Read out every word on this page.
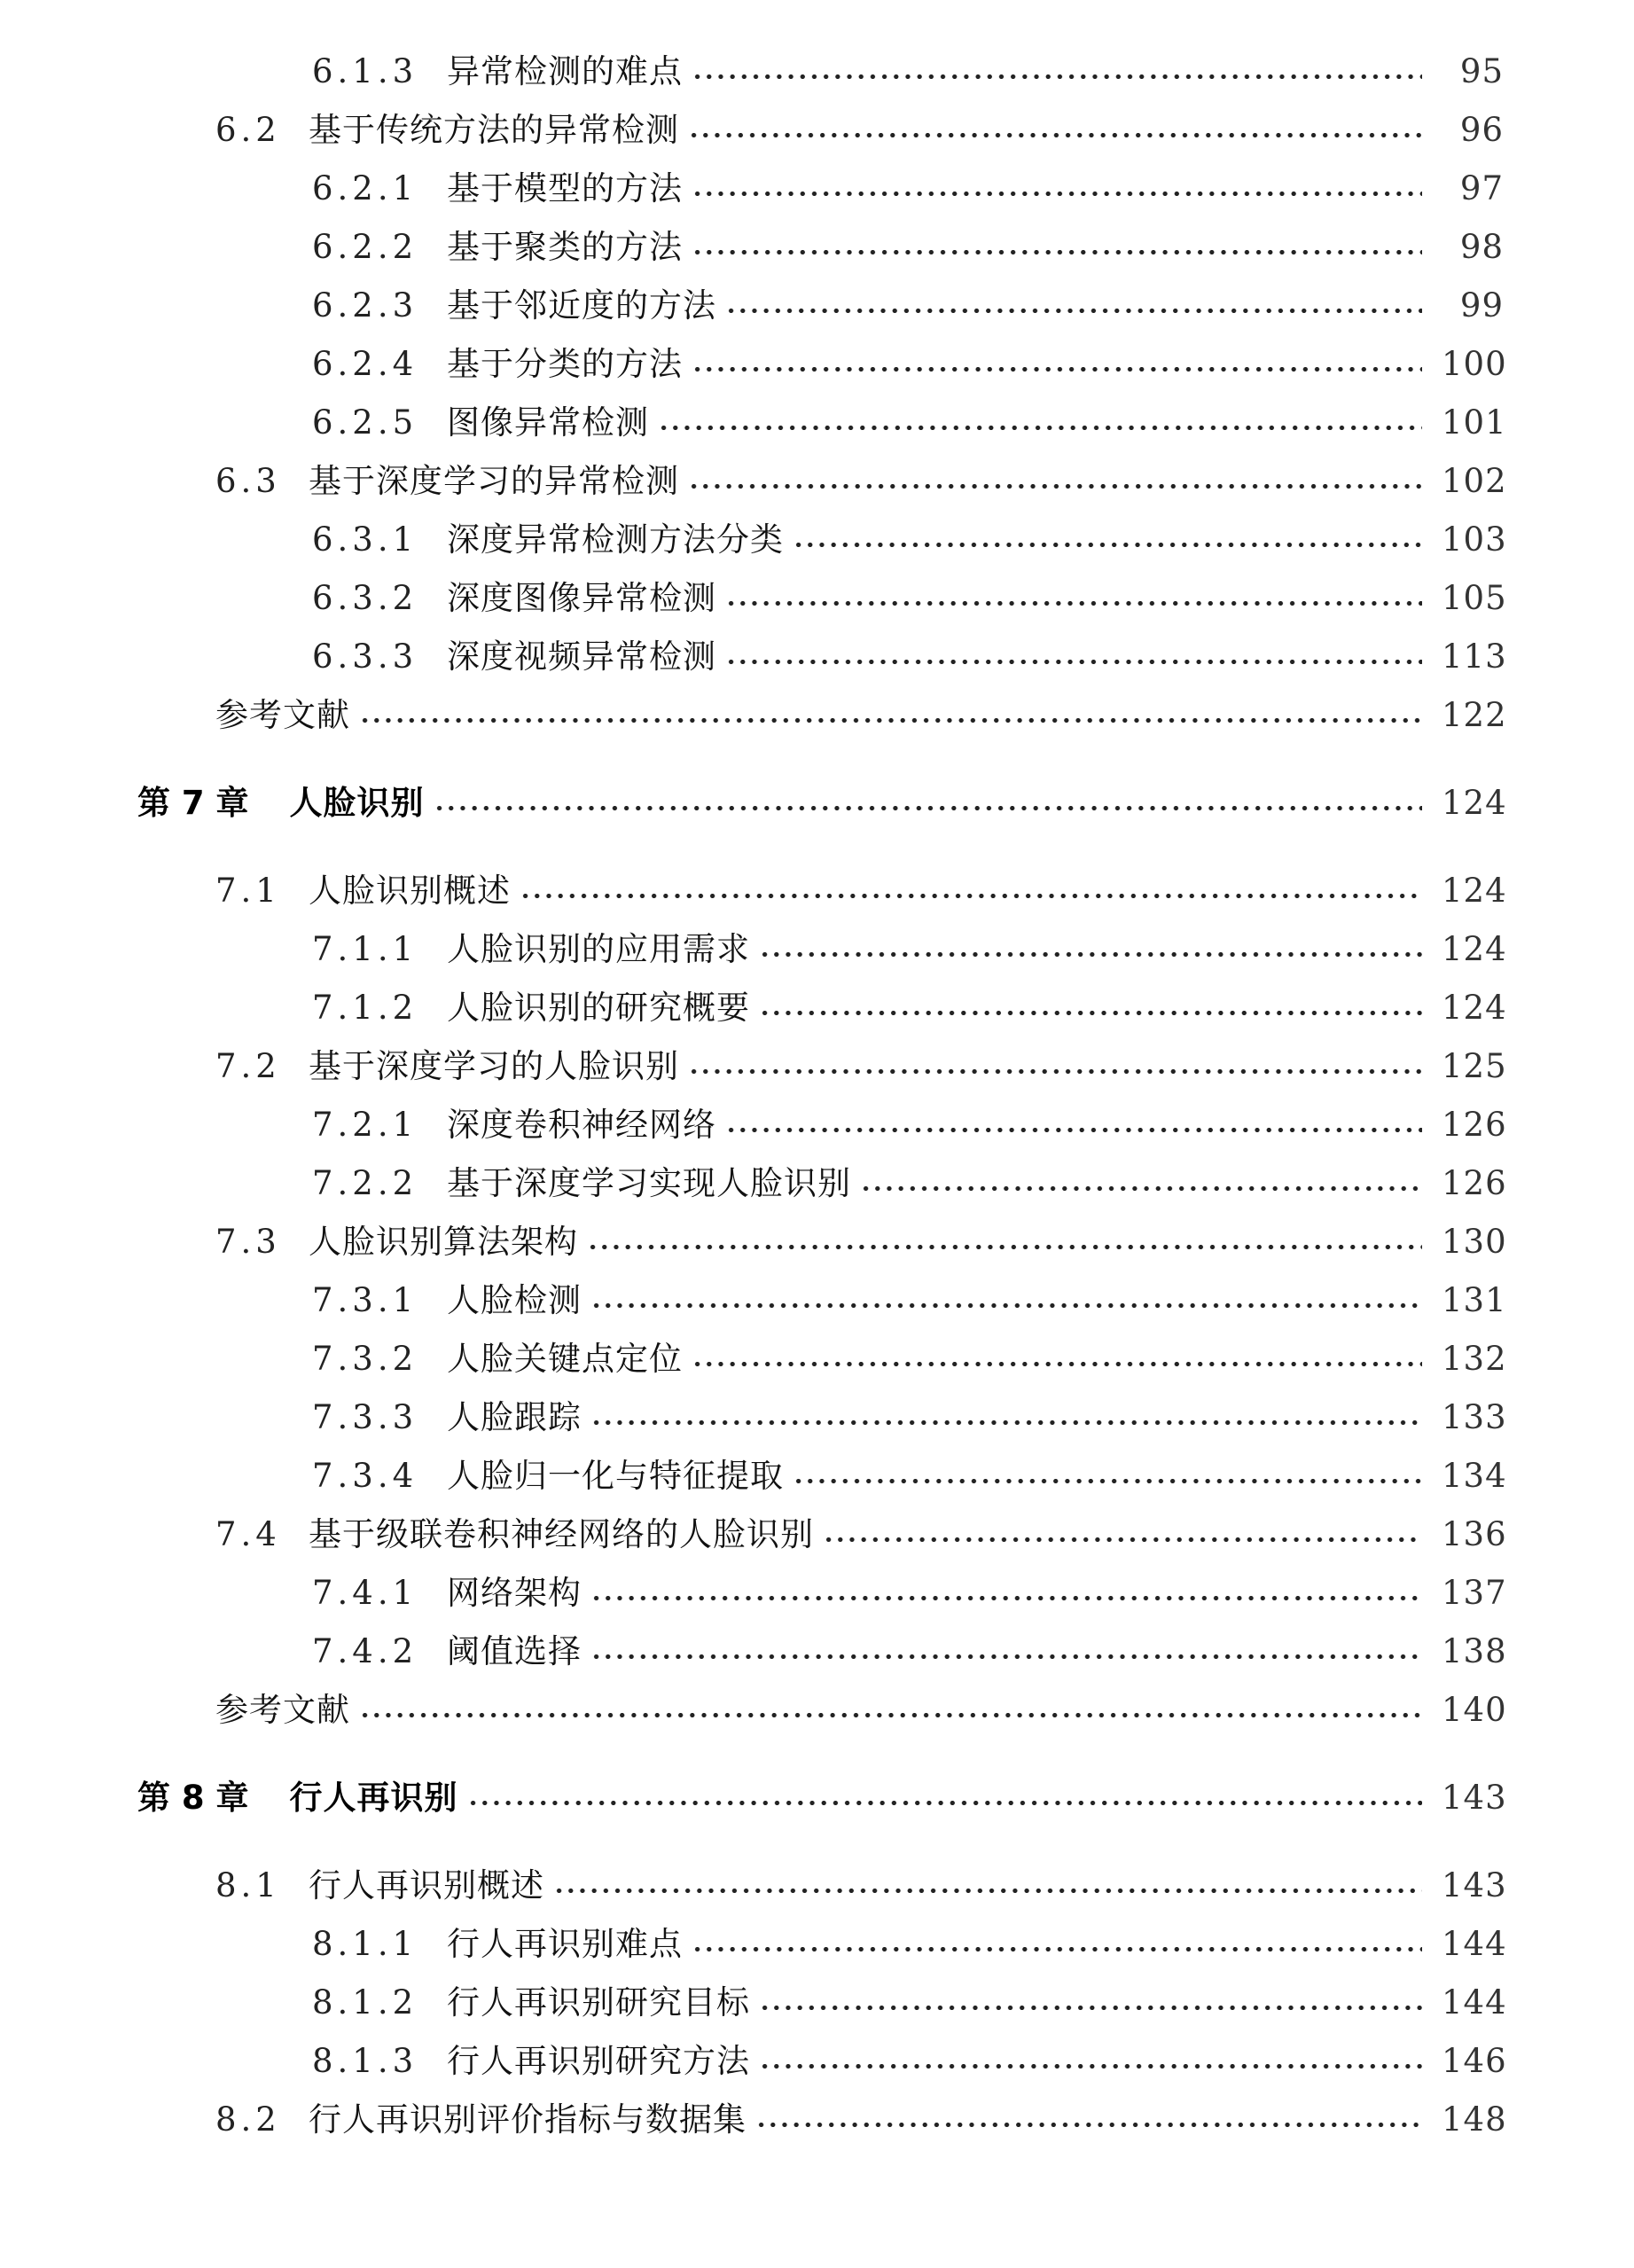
6.1.3 异常检测的难点	95
6.2 基于传统方法的异常检测	96
6.2.1 基于模型的方法	97
6.2.2 基于聚类的方法	98
6.2.3 基于邻近度的方法	99
6.2.4 基于分类的方法	100
6.2.5 图像异常检测	101
6.3 基于深度学习的异常检测	102
6.3.1 深度异常检测方法分类	103
6.3.2 深度图像异常检测	105
6.3.3 深度视频异常检测	113
参考文献	122
第 7 章 人脸识别	124
7.1 人脸识别概述	124
7.1.1 人脸识别的应用需求	124
7.1.2 人脸识别的研究概要	124
7.2 基于深度学习的人脸识别	125
7.2.1 深度卷积神经网络	126
7.2.2 基于深度学习实现人脸识别	126
7.3 人脸识别算法架构	130
7.3.1 人脸检测	131
7.3.2 人脸关键点定位	132
7.3.3 人脸跟踪	133
7.3.4 人脸归一化与特征提取	134
7.4 基于级联卷积神经网络的人脸识别	136
7.4.1 网络架构	137
7.4.2 阈值选择	138
参考文献	140
第 8 章 行人再识别	143
8.1 行人再识别概述	143
8.1.1 行人再识别难点	144
8.1.2 行人再识别研究目标	144
8.1.3 行人再识别研究方法	146
8.2 行人再识别评价指标与数据集	148
